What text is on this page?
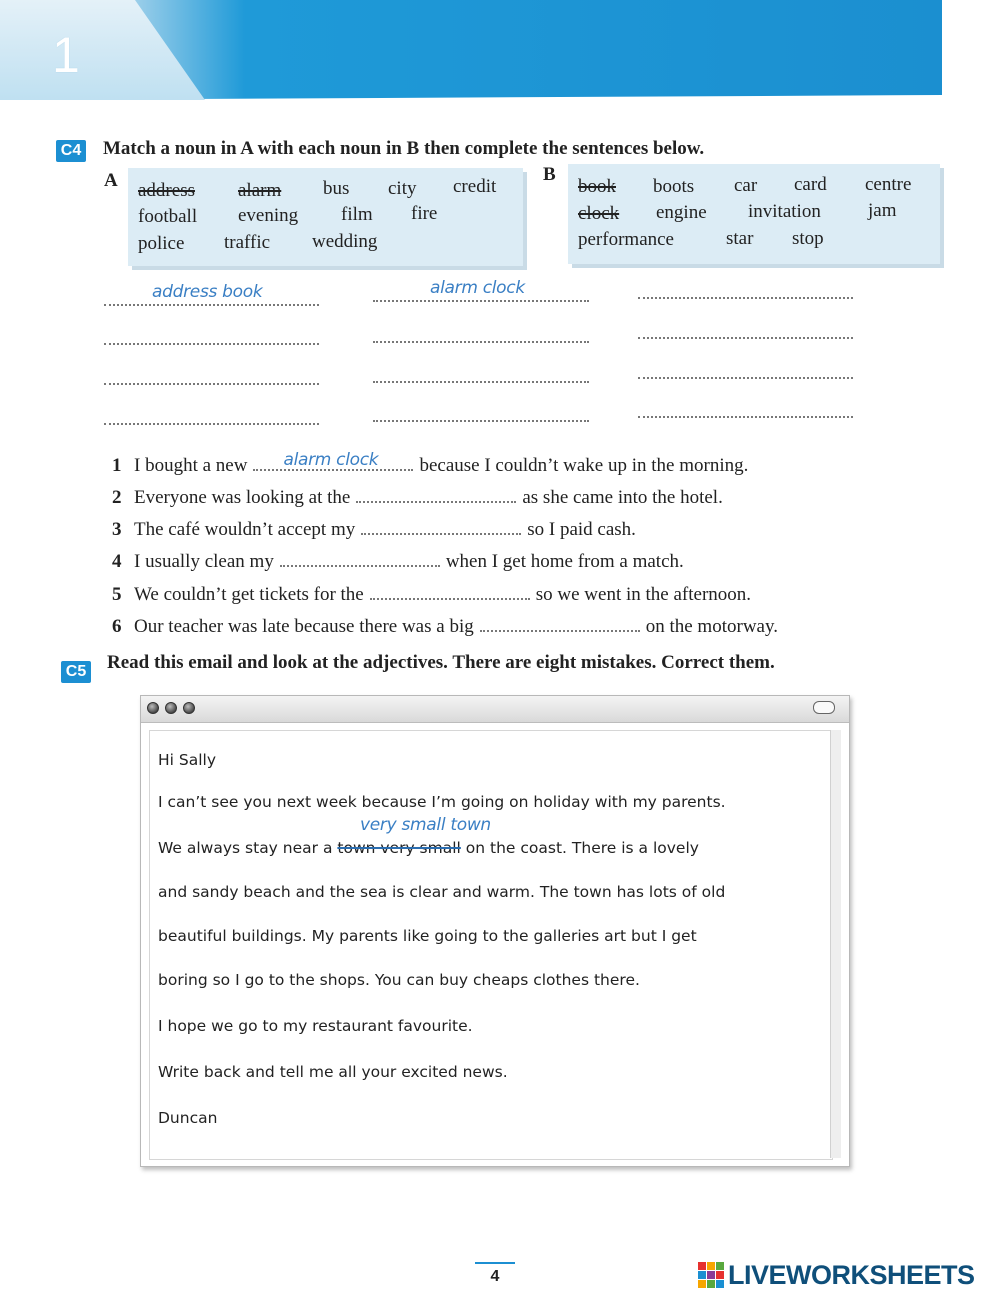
1
C4 Match a noun in A with each noun in B then complete the sentences below.
A address alarm bus city credit
football evening film fire
police traffic wedding
B
book boots car card centre
clock engine invitation jam
performance	star stop
address book	alarm clock
1 I bought a new alarm clock because I couldn’t wake up in the morning.
2 Everyone was looking at the	as she came into the hotel.
3 The café wouldn’t accept my	so I paid cash.
4 I usually clean my	when I get home from a match.
5 We couldn’t get tickets for the	so we went in the afternoon.
6 Our teacher was late because there was a big	on the motorway.
C5 Read this email and look at the adjectives. There are eight mistakes. Correct them.
Hi Sally
I can’t see you next week because I’m going on holiday with my parents.
very small town
We always stay near a town very small on the coast. There is a lovely
and sandy beach and the sea is clear and warm. The town has lots of old
beautiful buildings. My parents like going to the galleries art but I get
boring so I go to the shops. You can buy cheaps clothes there.
I hope we go to my restaurant favourite.
Write back and tell me all your excited news.
Duncan
4	LIVEWORKSHEETS
